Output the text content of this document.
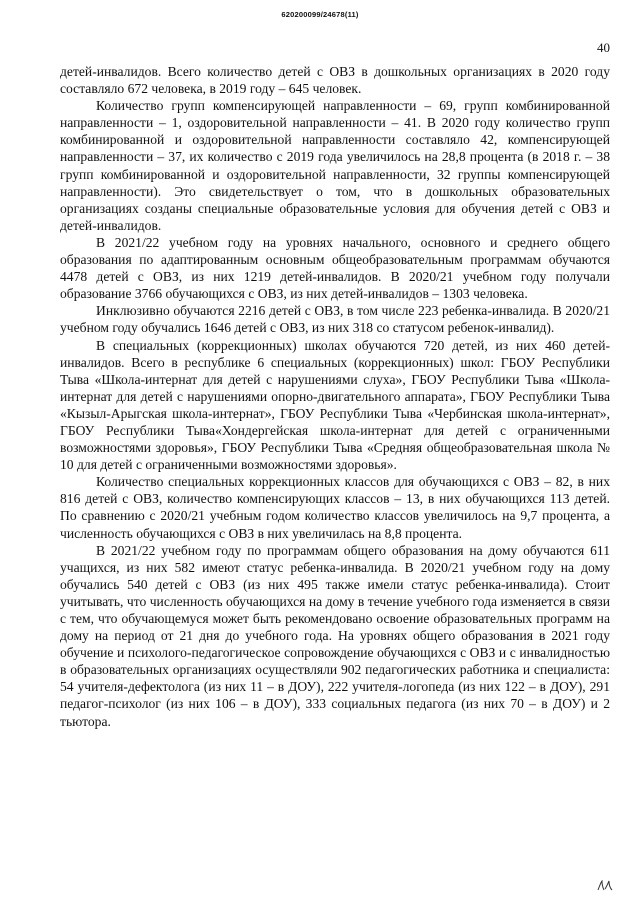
620200099/24678(11)
40

детей-инвалидов. Всего количество детей с ОВЗ в дошкольных организациях в 2020 году составляло 672 человека, в 2019 году – 645 человек.

Количество групп компенсирующей направленности – 69, групп комбинированной направленности – 1, оздоровительной направленности – 41. В 2020 году количество групп комбинированной и оздоровительной направленности составляло 42, компенсирующей направленности – 37, их количество с 2019 года увеличилось на 28,8 процента (в 2018 г. – 38 групп комбинированной и оздоровительной направленности, 32 группы компенсирующей направленности). Это свидетельствует о том, что в дошкольных образовательных организациях созданы специальные образовательные условия для обучения детей с ОВЗ и детей-инвалидов.

В 2021/22 учебном году на уровнях начального, основного и среднего общего образования по адаптированным основным общеобразовательным программам обучаются 4478 детей с ОВЗ, из них 1219 детей-инвалидов. В 2020/21 учебном году получали образование 3766 обучающихся с ОВЗ, из них детей-инвалидов – 1303 человека.

Инклюзивно обучаются 2216 детей с ОВЗ, в том числе 223 ребенка-инвалида. В 2020/21 учебном году обучались 1646 детей с ОВЗ, из них 318 со статусом ребенок-инвалид).

В специальных (коррекционных) школах обучаются 720 детей, из них 460 детей-инвалидов. Всего в республике 6 специальных (коррекционных) школ: ГБОУ Республики Тыва «Школа-интернат для детей с нарушениями слуха», ГБОУ Республики Тыва «Школа-интернат для детей с нарушениями опорно-двигательного аппарата», ГБОУ Республики Тыва «Кызыл-Арыгская школа-интернат», ГБОУ Республики Тыва «Чербинская школа-интернат», ГБОУ Республики Тыва«Хондергейская школа-интернат для детей с ограниченными возможностями здоровья», ГБОУ Республики Тыва «Средняя общеобразовательная школа № 10 для детей с ограниченными возможностями здоровья».

Количество специальных коррекционных классов для обучающихся с ОВЗ – 82, в них 816 детей с ОВЗ, количество компенсирующих классов – 13, в них обучающихся 113 детей. По сравнению с 2020/21 учебным годом количество классов увеличилось на 9,7 процента, а численность обучающихся с ОВЗ в них увеличилась на 8,8 процента.

В 2021/22 учебном году по программам общего образования на дому обучаются 611 учащихся, из них 582 имеют статус ребенка-инвалида. В 2020/21 учебном году на дому обучались 540 детей с ОВЗ (из них 495 также имели статус ребенка-инвалида). Стоит учитывать, что численность обучающихся на дому в течение учебного года изменяется в связи с тем, что обучающемуся может быть рекомендовано освоение образовательных программ на дому на период от 21 дня до учебного года. На уровнях общего образования в 2021 году обучение и психолого-педагогическое сопровождение обучающихся с ОВЗ и с инвалидностью в образовательных организациях осуществляли 902 педагогических работника и специалиста: 54 учителя-дефектолога (из них 11 – в ДОУ), 222 учителя-логопеда (из них 122 – в ДОУ), 291 педагог-психолог (из них 106 – в ДОУ), 333 социальных педагога (из них 70 – в ДОУ) и 2 тьютора.
